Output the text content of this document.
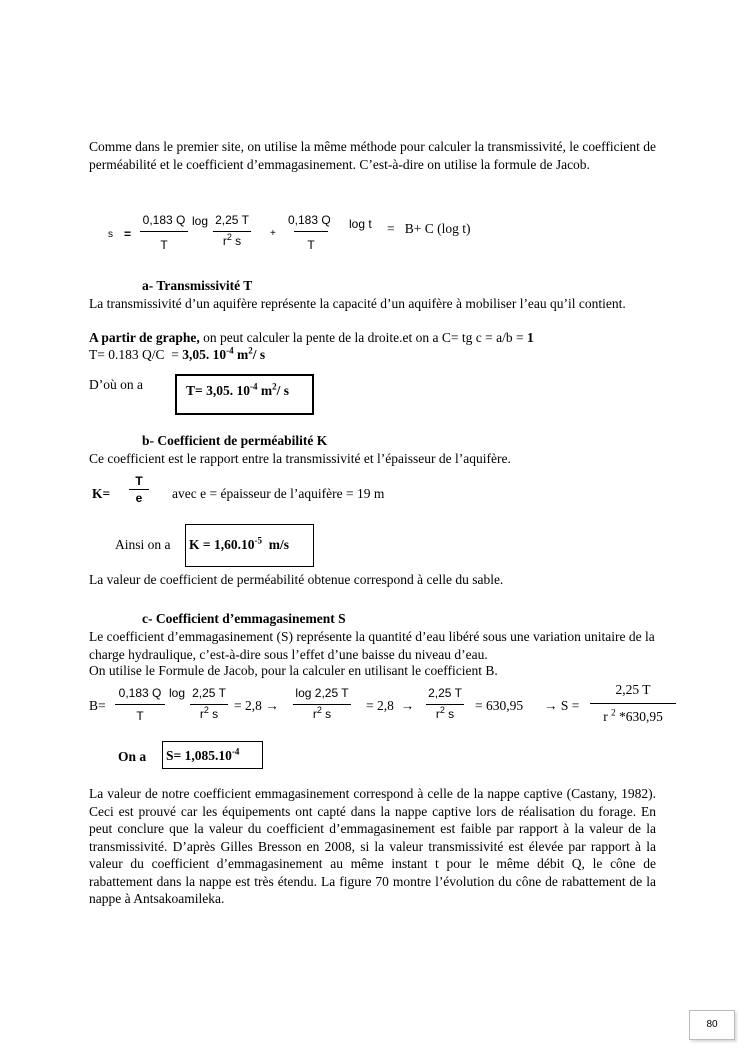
Comme dans le premier site, on utilise la même méthode pour calculer la transmissivité, le coefficient de perméabilité et le coefficient d’emmagasinement. C’est-à-dire on utilise la formule de Jacob.
s =
0,183 Q
T
log 2,25 T
$r^2$ s
+
0,183 Q
T
log t =   B+ C (log t)
a- Transmissivité T
La transmissivité d’un aquifère représente la capacité d’un aquifère à mobiliser l’eau qu’il contient.
A partir de graphe, on peut calculer la pente de la droite.et on a C= tg c = a/b = 1
T= 0.183 Q/C  = 3,05. $10^{-4}$ $m^2/$ s
D’où on a	T= 3,05. $10^{-4}$ $m^2/$ s
b- Coefficient de perméabilité K
Ce coefficient est le rapport entre la transmissivité et l’épaisseur de l’aquifère.
K=
T
e	avec e = épaisseur de l’aquifère = 19 m
Ainsi on a $K = 1,60.10^{-5}$  m/s
La valeur de coefficient de perméabilité obtenue correspond à celle du sable.
c- Coefficient d’emmagasinement S
Le coefficient d’emmagasinement (S) représente la quantité d’eau libéré sous une variation unitaire de la charge hydraulique, c’est-à-dire sous l’effet d’une baisse du niveau d’eau.
On utilise le Formule de Jacob, pour la calculer en utilisant le coefficient B.
B=
0,183 Q
T
log 2,25 T
$r^2$ s
= 2,8 →
log 2,25 T
$r^2$ s
= 2,8  →
2,25 T
$r^2$ s
= 630,95 → S =
2,25 T
r $^2$ *630,95
On a $S= 1,085.10^{-4}$
La valeur de notre coefficient emmagasinement correspond à celle de la nappe captive (Castany, 1982). Ceci est prouvé car les équipements ont capté dans la nappe captive lors de réalisation du forage. En peut conclure que la valeur du coefficient d’emmagasinement est faible par rapport à la valeur de la transmissivité. D’après Gilles Bresson en 2008, si la valeur transmissivité est élevée par rapport à la valeur du coefficient d’emmagasinement au même instant t pour le même débit Q, le cône de rabattement dans la nappe est très étendu. La figure 70 montre l’évolution du cône de rabattement de la nappe à Antsakoamileka.
80
